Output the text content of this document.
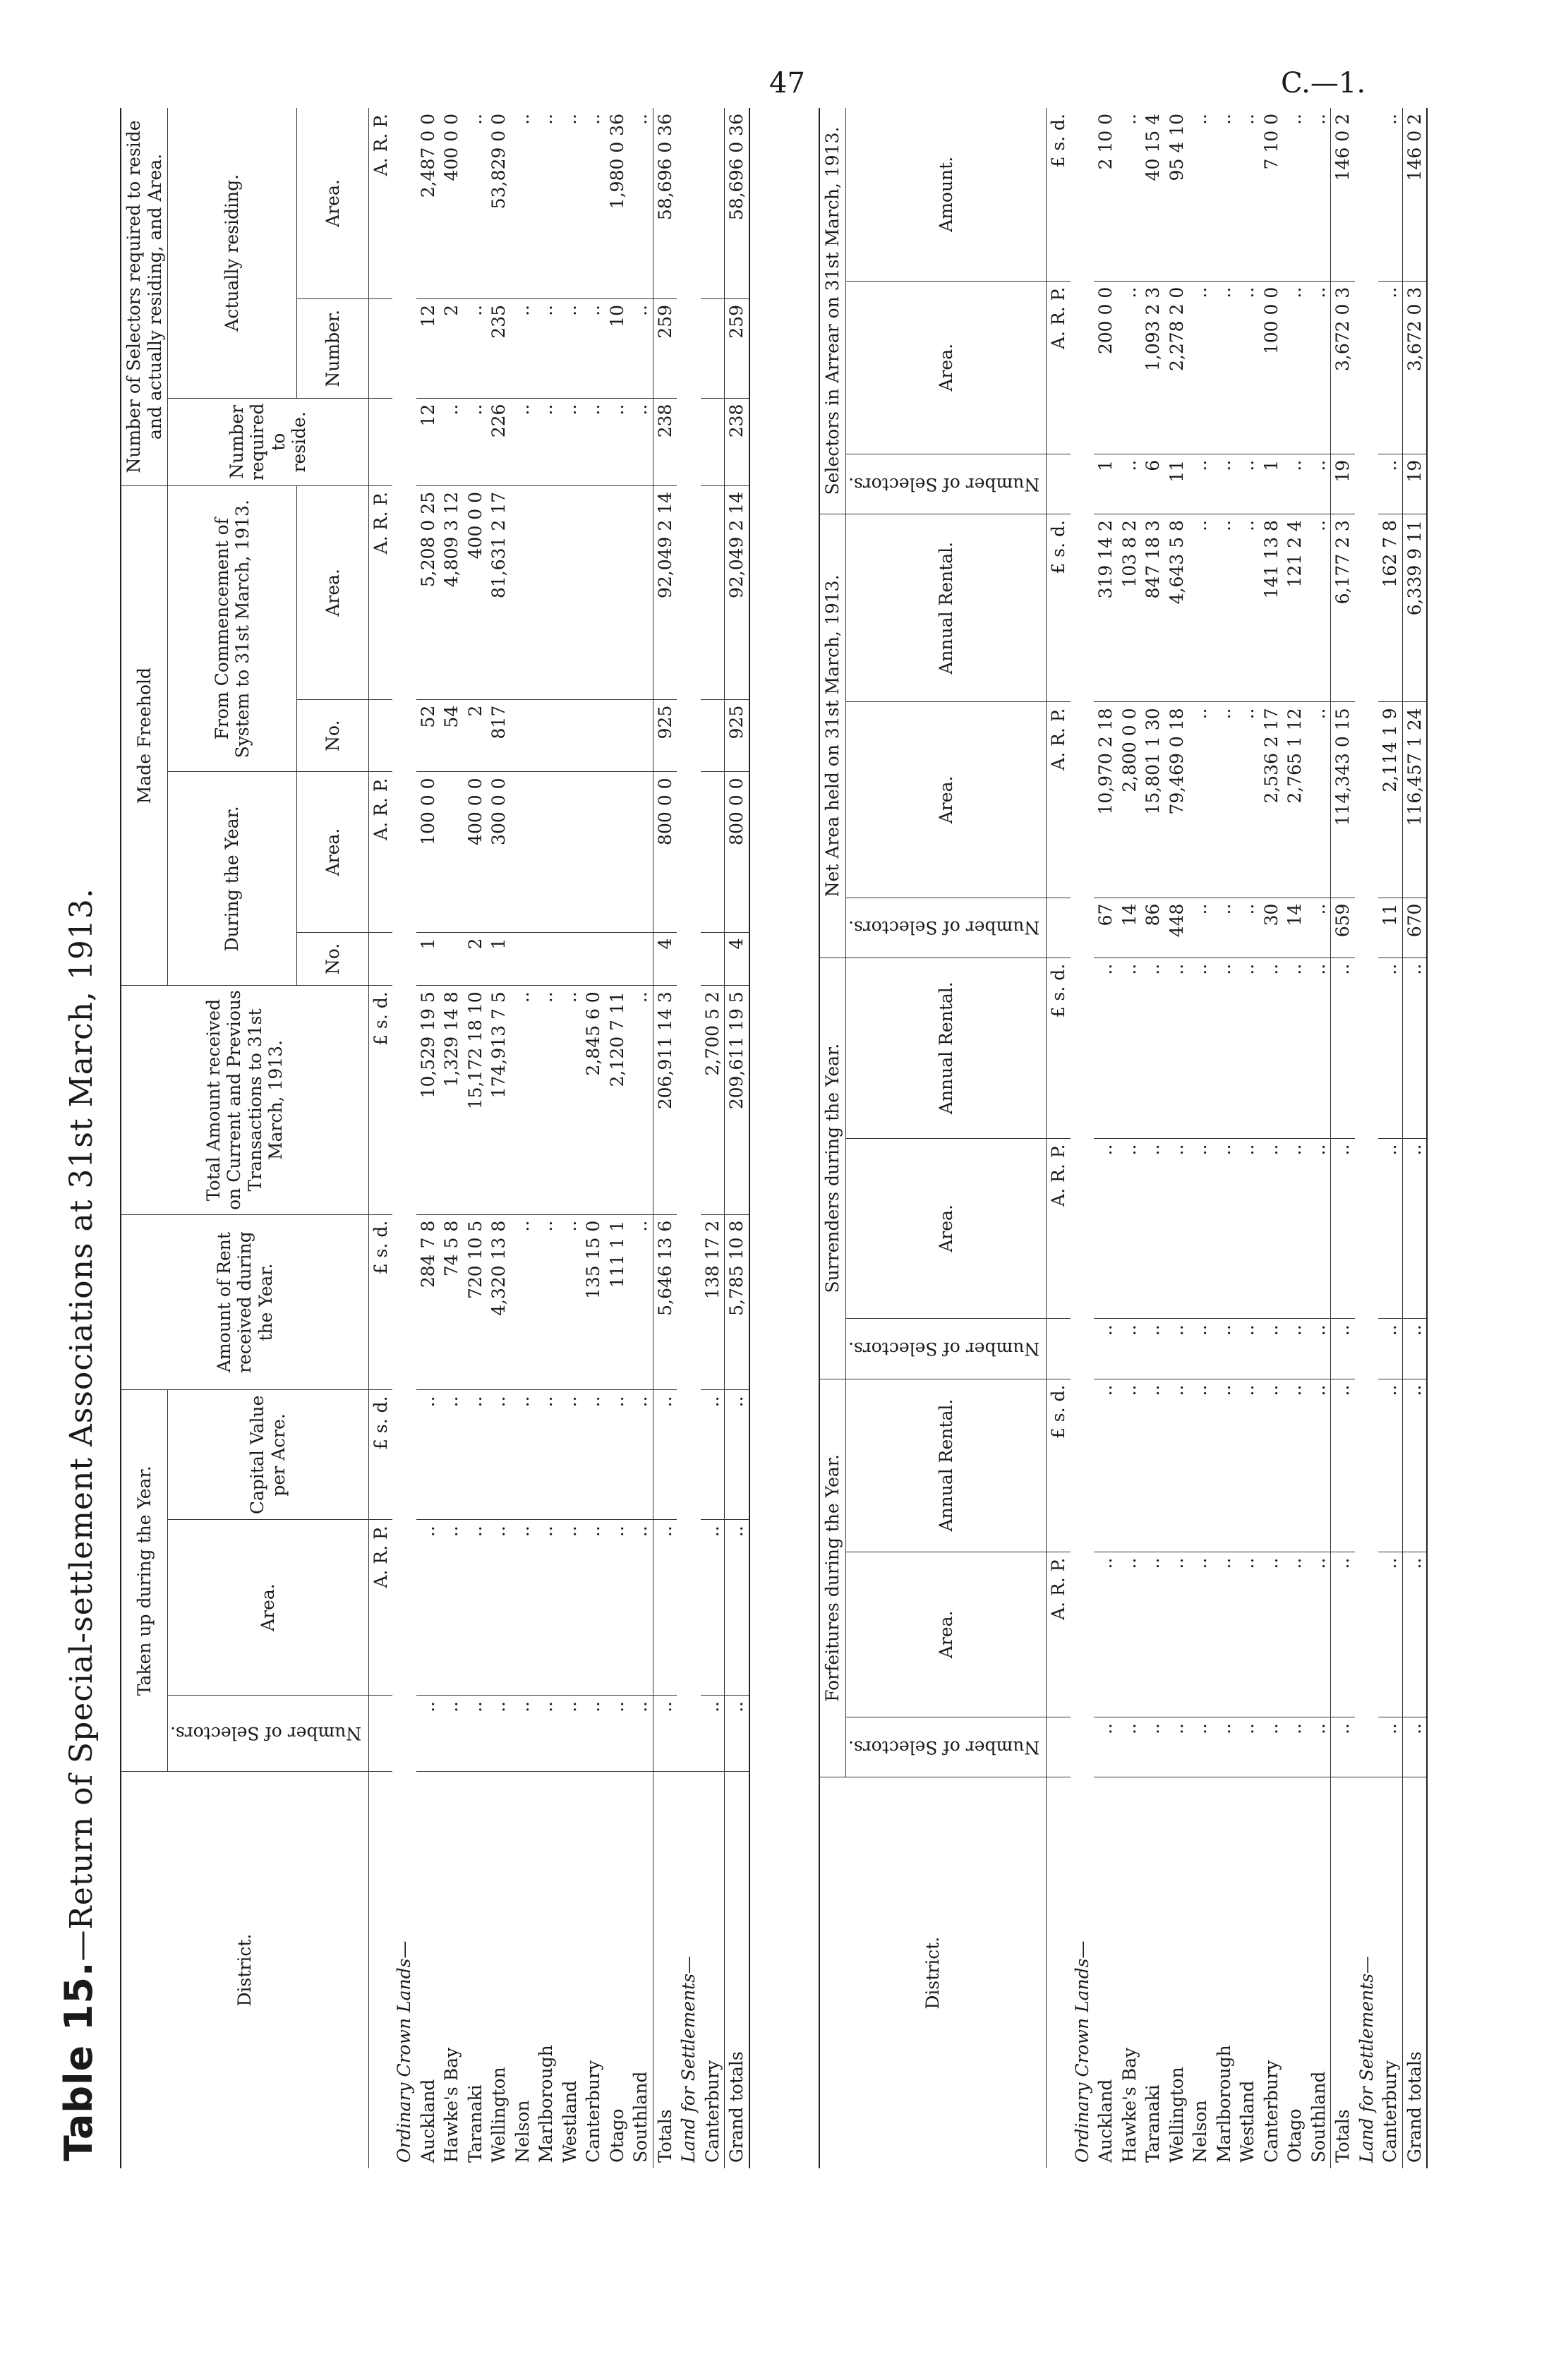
47	C.—1.
Table 15.—Return of Special-settlement Associations at 31st March, 1913.
District.	Taken up during the Year.			Amount of Rent received during the Year.	Total Amount received on Current and Previous Transactions to 31st March, 1913.	Made Freehold				Number of Selectors required to reside and actually residing, and Area.		
	Number of Selectors.	Area.	Capital Value per Acre.			During the Year.		From Commencement of System to 31st March, 1913.		Number required to reside.	Actually residing.	
						No.	Area.	No.	Area.		Number.	Area.
		A. R. P.	£ s. d.	£ s. d.	£ s. d.		A. R. P.		A. R. P.			A. R. P.
Ordinary Crown Lands—												
Auckland	..	..	..	284 7 8	10,529 19 5	1	100 0 0	52	5,208 0 25	12	12	2,487 0 0
Hawke's Bay	..	..	..	74 5 8	1,329 14 8			54	4,809 3 12	..	2	400 0 0
Taranaki	..	..	..	720 10 5	15,172 18 10	2	400 0 0	2	400 0 0	..	..	..
Wellington	..	..	..	4,320 13 8	174,913 7 5	1	300 0 0	817	81,631 2 17	226	235	53,829 0 0
Nelson	..	..	..	..	..					..	..	..
Marlborough	..	..	..	..	..					..	..	..
Westland	..	..	..	..	..					..	..	..
Canterbury	..	..	..	135 15 0	2,845 6 0					..	..	..
Otago	..	..	..	111 1 1	2,120 7 11					..	10	1,980 0 36
Southland	..	..	..	..	..					..	..	..
Totals	..	..	..	5,646 13 6	206,911 14 3	4	800 0 0	925	92,049 2 14	238	259	58,696 0 36
Land for Settlements—												
Canterbury	..	..	..	138 17 2	2,700 5 2							
Grand totals	..	..	..	5,785 10 8	209,611 19 5	4	800 0 0	925	92,049 2 14	238	259	58,696 0 36
District.	Forfeitures during the Year.			Surrenders during the Year.			Net Area held on 31st March, 1913.			Selectors in Arrear on 31st March, 1913.		
	Number of Selectors.	Area.	Annual Rental.	Number of Selectors.	Area.	Annual Rental.	Number of Selectors.	Area.	Annual Rental.	Number of Selectors.	Area.	Amount.
		A. R. P.	£ s. d.		A. R. P.	£ s. d.		A. R. P.	£ s. d.		A. R. P.	£ s. d.
Ordinary Crown Lands—												
Auckland	..	..	..	..	..	..	67	10,970 2 18	319 14 2	1	200 0 0	2 10 0
Hawke's Bay	..	..	..	..	..	..	14	2,800 0 0	103 8 2	..	..	..
Taranaki	..	..	..	..	..	..	86	15,801 1 30	847 18 3	6	1,093 2 3	40 15 4
Wellington	..	..	..	..	..	..	448	79,469 0 18	4,643 5 8	11	2,278 2 0	95 4 10
Nelson	..	..	..	..	..	..	..	..	..	..	..	..
Marlborough	..	..	..	..	..	..	..	..	..	..	..	..
Westland	..	..	..	..	..	..	..	..	..	..	..	..
Canterbury	..	..	..	..	..	..	30	2,536 2 17	141 13 8	1	100 0 0	7 10 0
Otago	..	..	..	..	..	..	14	2,765 1 12	121 2 4	..	..	..
Southland	..	..	..	..	..	..	..	..	..	..	..	..
Totals	..	..	..	..	..	..	659	114,343 0 15	6,177 2 3	19	3,672 0 3	146 0 2
Land for Settlements—												
Canterbury	..	..	..	..	..	..	11	2,114 1 9	162 7 8	..	..	..
Grand totals	..	..	..	..	..	..	670	116,457 1 24	6,339 9 11	19	3,672 0 3	146 0 2
